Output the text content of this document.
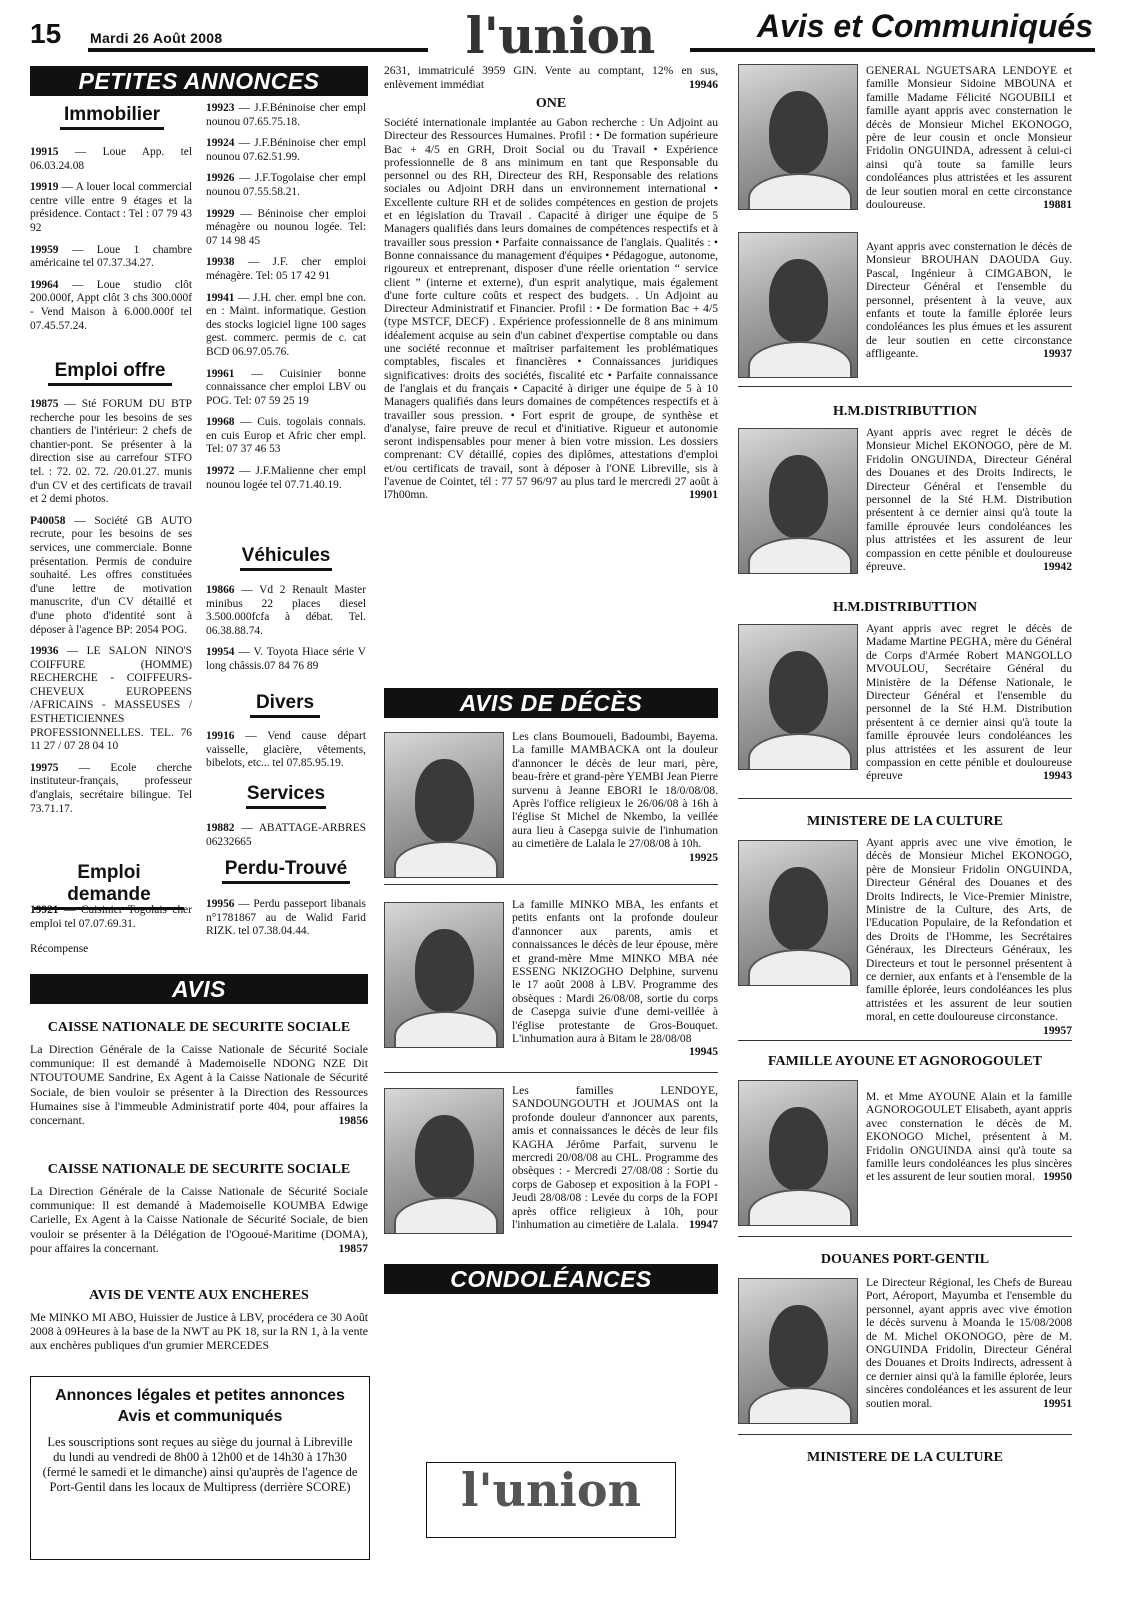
15 Mardi 26 Août 2008	l'union	Avis et Communiqués
PETITES ANNONCES
Immobilier

19915 — Loue App. tel 06.03.24.08

19919 — A louer local commercial centre ville entre 9 étages et la présidence. Contact : Tel : 07 79 43 92

19959 — Loue 1 chambre américaine tel 07.37.34.27.

19964 — Loue studio clôt 200.000f, Appt clôt 3 chs 300.000f - Vend Maison à 6.000.000f tel 07.45.57.24.

Emploi offre

19875 — Sté FORUM DU BTP recherche pour les besoins de ses chantiers de l'intérieur: 2 chefs de chantier-pont. Se présenter à la direction sise au carrefour STFO tel. : 72. 02. 72. /20.01.27. munis d'un CV et des certificats de travail et 2 demi photos.

P40058 — Société GB AUTO recrute, pour les besoins de ses services, une commerciale. Bonne présentation. Permis de conduire souhaité. Les offres constituées d'une lettre de motivation manuscrite, d'un CV détaillé et d'une photo d'identité sont à déposer à l'agence BP: 2054 POG.

19936 — LE SALON NINO'S COIFFURE (HOMME) RECHERCHE - COIFFEURS-CHEVEUX EUROPEENS /AFRICAINS - MASSEUSES / ESTHETICIENNES PROFESSIONNELLES. TEL. 76 11 27 / 07 28 04 10

19975 — Ecole cherche instituteur-français, professeur d'anglais, secrétaire bilingue. Tel 73.71.17.

Emploi demande

19921 — Cuisinier Togolais cher emploi tel 07.07.69.31.

Récompense

19923 — J.F.Béninoise cher empl nounou 07.65.75.18.

19924 — J.F.Béninoise cher empl nounou 07.62.51.99.

19926 — J.F.Togolaise cher empl nounou 07.55.58.21.

19929 — Béninoise cher emploi ménagère ou nounou logée. Tel: 07 14 98 45

19938 — J.F. cher emploi ménagère. Tel: 05 17 42 91

19941 — J.H. cher. empl bne con. en : Maint. informatique. Gestion des stocks logiciel ligne 100 sages gest. commerc. permis de c. cat BCD 06.97.05.76.

19961 — Cuisinier bonne connaissance cher emploi LBV ou POG. Tel: 07 59 25 19

19968 — Cuis. togolais connais. en cuis Europ et Afric cher empl. Tel: 07 37 46 53

19972 — J.F.Malienne cher empl nounou logée tel 07.71.40.19.

Véhicules

19866 — Vd 2 Renault Master minibus 22 places diesel 3.500.000fcfa à débat. Tel. 06.38.88.74.

19954 — V. Toyota Hiace série V long châssis.07 84 76 89

Divers

19916 — Vend cause départ vaisselle, glacière, vêtements, bibelots, etc... tel 07.85.95.19.

Services

19882 — ABATTAGE-ARBRES 06232665

Perdu-Trouvé

19956 — Perdu passeport libanais n°1781867 au de Walid Farid RIZK. tel 07.38.04.44.

AVIS
CAISSE NATIONALE DE SECURITE SOCIALE
La Direction Générale de la Caisse Nationale de Sécurité Sociale communique: Il est demandé à Mademoiselle NDONG NZE Dit NTOUTOUME Sandrine, Ex Agent à la Caisse Nationale de Sécurité Sociale, de bien vouloir se présenter à la Direction des Ressources Humaines sise à l'immeuble Administratif porte 404, pour affaires la concernant.	19856
CAISSE NATIONALE DE SECURITE SOCIALE
La Direction Générale de la Caisse Nationale de Sécurité Sociale communique: Il est demandé à Mademoiselle KOUMBA Edwige Carielle, Ex Agent à la Caisse Nationale de Sécurité Sociale, de bien vouloir se présenter à la Délégation de l'Ogooué-Maritime (DOMA), pour affaires la concernant.	19857
AVIS DE VENTE AUX ENCHERES
Me MINKO MI ABO, Huissier de Justice à LBV, procédera ce 30 Août 2008 à 09Heures à la base de la NWT au PK 18, sur la RN 1, à la vente aux enchères publiques d'un grumier MERCEDES
Annonces légales et petites annonces
Avis et communiqués
Les souscriptions sont reçues au siège du journal à Libreville du lundi au vendredi de 8h00 à 12h00 et de 14h30 à 17h30 (fermé le samedi et le dimanche) ainsi qu'auprès de l'agence de Port-Gentil dans les locaux de Multipress (derrière SCORE)
2631, immatriculé 3959 GIN. Vente au comptant, 12% en sus, enlèvement immédiat	19946
ONE
Société internationale implantée au Gabon recherche : Un Adjoint au Directeur des Ressources Humaines. Profil : • De formation supérieure Bac + 4/5 en GRH, Droit Social ou du Travail • Expérience professionnelle de 8 ans minimum en tant que Responsable du personnel ou des RH, Directeur des RH, Responsable des relations sociales ou Adjoint DRH dans un environnement international • Excellente culture RH et de solides compétences en gestion de projets et en législation du Travail . Capacité à diriger une équipe de 5 Managers qualifiés dans leurs domaines de compétences respectifs et à travailler sous pression • Parfaite connaissance de l'anglais. Qualités : • Bonne connaissance du management d'équipes • Pédagogue, autonome, rigoureux et entreprenant, disposer d'une réelle orientation “ service client ” (interne et externe), d'un esprit analytique, mais également d'une forte culture coûts et respect des budgets. . Un Adjoint au Directeur Administratif et Financier. Profil : • De formation Bac + 4/5 (type MSTCF, DECF) . Expérience professionnelle de 8 ans minimum idéalement acquise au sein d'un cabinet d'expertise comptable ou dans une société reconnue et maîtriser parfaitement les problématiques comptables, fiscales et financières • Connaissances juridiques significatives: droits des sociétés, fiscalité etc • Parfaite connaissance de l'anglais et du français • Capacité à diriger une équipe de 5 à 10 Managers qualifiés dans leurs domaines de compétences respectifs et à travailler sous pression. • Fort esprit de groupe, de synthèse et d'analyse, faire preuve de recul et d'initiative. Rigueur et autonomie seront indispensables pour mener à bien votre mission. Les dossiers comprenant: CV détaillé, copies des diplômes, attestations d'emploi et/ou certificats de travail, sont à déposer à l'ONE Libreville, sis à l'avenue de Cointet, tél : 77 57 96/97 au plus tard le mercredi 27 août à l7h00mn.	19901
AVIS DE DÉCÈS
Les clans Boumoueli, Badoumbi, Bayema. La famille MAMBACKA ont la douleur d'annoncer le décès de leur mari, père, beau-frère et grand-père YEMBI Jean Pierre survenu à Jeanne EBORI le 18/0/08/08. Après l'office religieux le 26/06/08 à 16h à l'église St Michel de Nkembo, la veillée aura lieu à Casepga suivie de l'inhumation au cimetière de Lalala le 27/08/08 à 10h.
19925
La famille MINKO MBA, les enfants et petits enfants ont la profonde douleur d'annoncer aux parents, amis et connaissances le décès de leur épouse, mère et grand-mère Mme MINKO MBA née ESSENG NKIZOGHO Delphine, survenu le 17 août 2008 à LBV. Programme des obsèques : Mardi 26/08/08, sortie du corps de Casepga suivie d'une demi-veillée à l'église protestante de Gros-Bouquet. L'inhumation aura à Bitam le 28/08/08
19945
Les familles LENDOYE, SANDOUNGOUTH et JOUMAS ont la profonde douleur d'annoncer aux parents, amis et connaissances le décès de leur fils KAGHA Jérôme Parfait, survenu le mercredi 20/08/08 au CHL. Programme des obsèques : - Mercredi 27/08/08 : Sortie du corps de Gabosep et exposition à la FOPI - Jeudi 28/08/08 : Levée du corps de la FOPI après office religieux à 10h, pour l'inhumation au cimetière de Lalala. 19947
CONDOLÉANCES
l'union
GENERAL NGUETSARA LENDOYE et famille Monsieur Sidoine MBOUNA et famille Madame Félicité NGOUBILI et famille ayant appris avec consternation le décès de Monsieur Michel EKONOGO, père de leur cousin et oncle Monsieur Fridolin ONGUINDA, adressent à celui-ci ainsi qu'à toute sa famille leurs condoléances plus attristées et les assurent de leur soutien moral en cette circonstance douloureuse.	19881
Ayant appris avec consternation le décès de Monsieur BROUHAN DAOUDA Guy. Pascal, Ingénieur à CIMGABON, le Directeur Général et l'ensemble du personnel, présentent à la veuve, aux enfants et toute la famille éplorée leurs condoléances les plus émues et les assurent de leur soutien en cette circonstance affligeante.	19937
H.M.DISTRIBUTTION
Ayant appris avec regret le décès de Monsieur Michel EKONOGO, père de M. Fridolin ONGUINDA, Directeur Général des Douanes et des Droits Indirects, le Directeur Général et l'ensemble du personnel de la Sté H.M. Distribution présentent à ce dernier ainsi qu'à toute la famille éprouvée leurs condoléances les plus attristées et les assurent de leur compassion en cette pénible et douloureuse épreuve.	19942
H.M.DISTRIBUTTION
Ayant appris avec regret le décès de Madame Martine PEGHA, mère du Général de Corps d'Armée Robert MANGOLLO MVOULOU, Secrétaire Général du Ministère de la Défense Nationale, le Directeur Général et l'ensemble du personnel de la Sté H.M. Distribution présentent à ce dernier ainsi qu'à toute la famille éprouvée leurs condoléances les plus attristées et les assurent de leur compassion en cette pénible et douloureuse épreuve	19943
MINISTERE DE LA CULTURE
Ayant appris avec une vive émotion, le décès de Monsieur Michel EKONOGO, père de Monsieur Fridolin ONGUINDA, Directeur Général des Douanes et des Droits Indirects, le Vice-Premier Ministre, Ministre de la Culture, des Arts, de l'Education Populaire, de la Refondation et des Droits de l'Homme, les Secrétaires Généraux, les Directeurs Généraux, les Directeurs et tout le personnel présentent à ce dernier, aux enfants et à l'ensemble de la famille éplorée, leurs condoléances les plus attristées et les assurent de leur soutien moral, en cette douloureuse circonstance.
19957
FAMILLE AYOUNE ET AGNOROGOULET
M. et Mme AYOUNE Alain et la famille AGNOROGOULET Elisabeth, ayant appris avec consternation le décès de M. EKONOGO Michel, présentent à M. Fridolin ONGUINDA ainsi qu'à toute sa famille leurs condoléances les plus sincères et les assurent de leur soutien moral. 19950
DOUANES PORT-GENTIL
Le Directeur Régional, les Chefs de Bureau Port, Aéroport, Mayumba et l'ensemble du personnel, ayant appris avec vive émotion le décès survenu à Moanda le 15/08/2008 de M. Michel OKONOGO, père de M. ONGUINDA Fridolin, Directeur Général des Douanes et Droits Indirects, adressent à ce dernier ainsi qu'à la famille éplorée, leurs sincères condoléances et les assurent de leur soutien moral.	19951
MINISTERE DE LA CULTURE
